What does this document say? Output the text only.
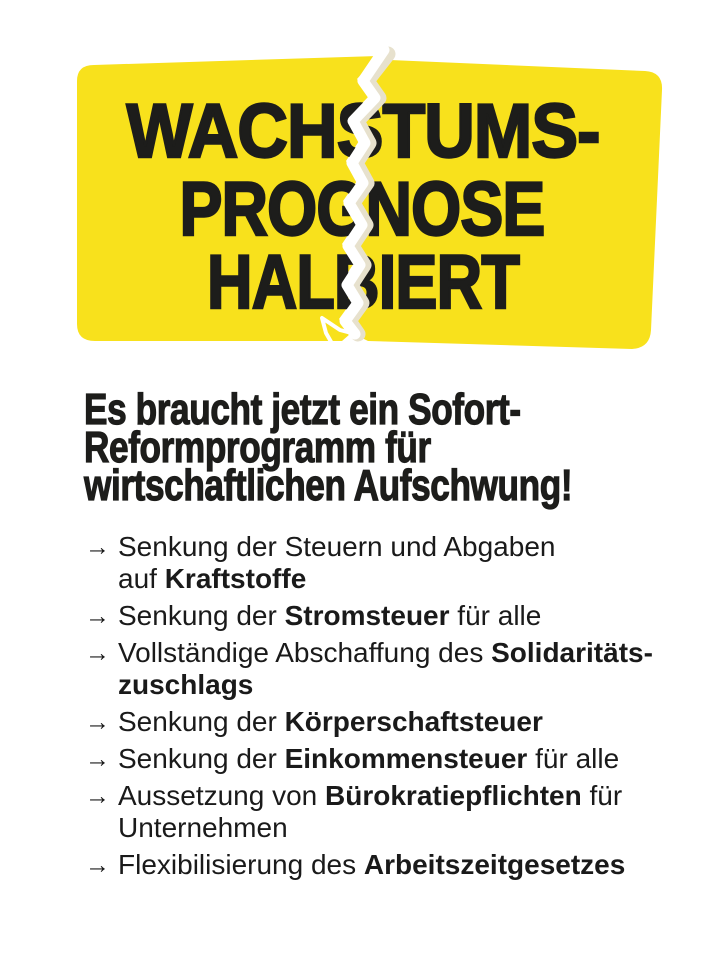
WACHSTUMS-
PROGNOSE
HALBIERT
Es braucht jetzt ein Sofort-
Reformprogramm für
wirtschaftlichen Aufschwung!
→ Senkung der Steuern und Abgaben
auf Kraftstoffe
→ Senkung der Stromsteuer für alle
→ Vollständige Abschaffung des Solidaritäts-
zuschlags
→ Senkung der Körperschaftsteuer
→ Senkung der Einkommensteuer für alle
→ Aussetzung von Bürokratiepflichten für
Unternehmen
→ Flexibilisierung des Arbeitszeitgesetzes
